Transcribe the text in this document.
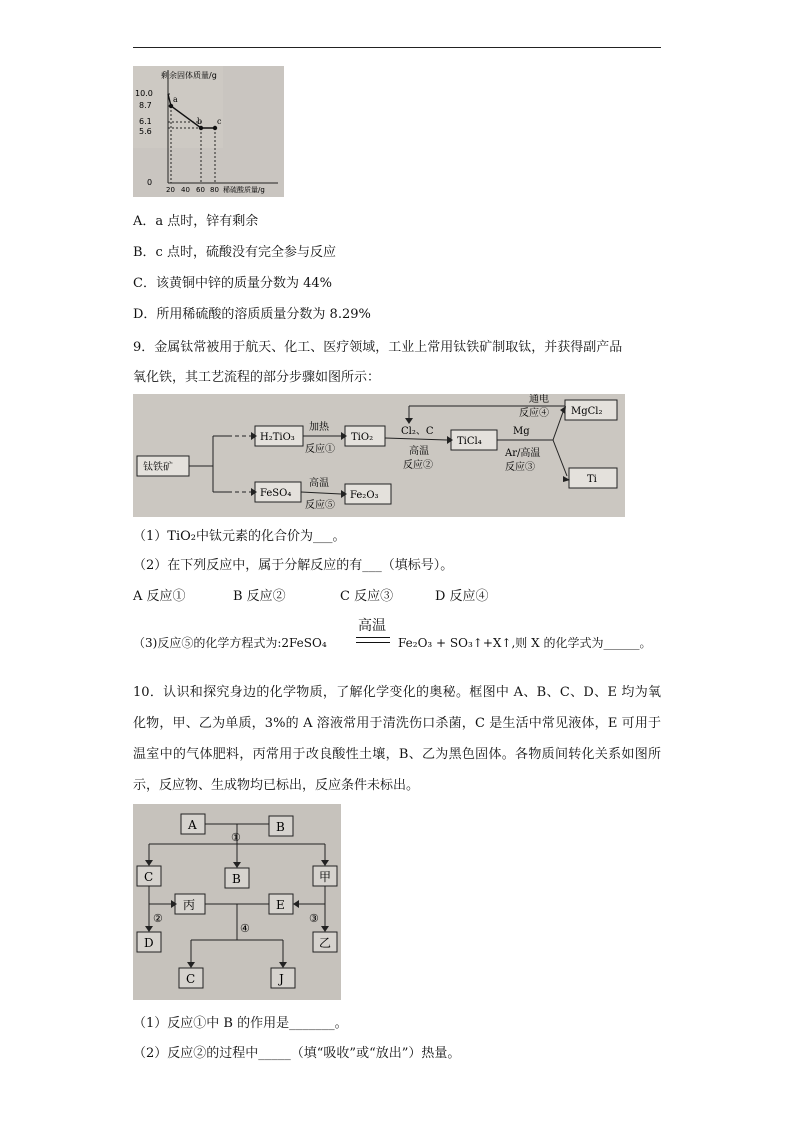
a
b c
10.0
8.7
6.1
5.6
0
20 40 60 80
剩余固体质量/g
稀硫酸质量/g
A．a 点时，锌有剩余
B．c 点时，硫酸没有完全参与反应
C．该黄铜中锌的质量分数为 44%
D．所用稀硫酸的溶质质量分数为 8.29%
9．金属钛常被用于航天、化工、医疗领域，工业上常用钛铁矿制取钛，并获得副产品
氧化铁，其工艺流程的部分步骤如图所示：
钛铁矿
H₂TiO₃	TiO₂	TiCl₄
MgCl₂
Ti
FeSO₄	Fe₂O₃
加热
反应①
Cl₂、C
高温
反应②
Mg
Ar/高温
反应③
通电
反应④
高温
反应⑤
（1）TiO₂中钛元素的化合价为___。
（2）在下列反应中，属于分解反应的有___（填标号）。
A 反应①	B 反应②	C 反应③	D 反应④
（3)反应⑤的化学方程式为:2FeSO₄
高温
Fe₂O₃ + SO₃↑+X↑,则 X 的化学式为______。
10．认识和探究身边的化学物质，了解化学变化的奥秘。框图中 A、B、C、D、E 均为氧化物，甲、乙为单质，3%的 A 溶液常用于清洗伤口杀菌，C 是生活中常见液体，E 可用于温室中的气体肥料，丙常用于改良酸性土壤，B、乙为黑色固体。各物质间转化关系如图所示，反应物、生成物均已标出，反应条件未标出。
A	B
①
C	B	甲
丙	E
②	③
④
D	乙
C	J
（1）反应①中 B 的作用是_______。
（2）反应②的过程中_____（填“吸收”或“放出”）热量。
